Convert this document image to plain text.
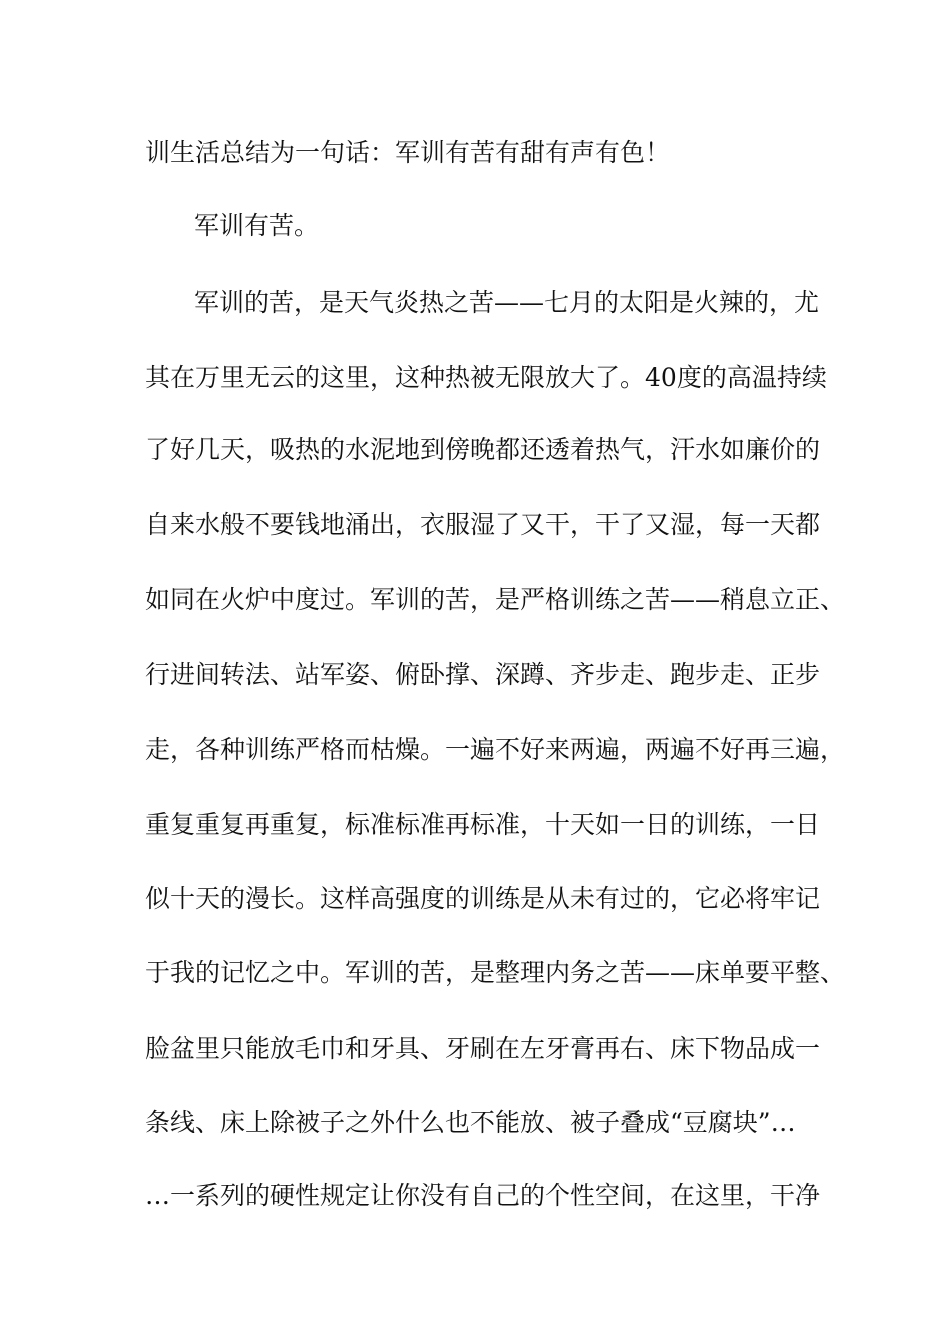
训生活总结为一句话：军训有苦有甜有声有色！
军训有苦。
军训的苦，是天气炎热之苦——七月的太阳是火辣的，尤
其在万里无云的这里，这种热被无限放大了。40度的高温持续
了好几天，吸热的水泥地到傍晚都还透着热气，汗水如廉价的
自来水般不要钱地涌出，衣服湿了又干，干了又湿，每一天都
如同在火炉中度过。军训的苦，是严格训练之苦——稍息立正、
行进间转法、站军姿、俯卧撑、深蹲、齐步走、跑步走、正步
走，各种训练严格而枯燥。一遍不好来两遍，两遍不好再三遍，
重复重复再重复，标准标准再标准，十天如一日的训练，一日
似十天的漫长。这样高强度的训练是从未有过的，它必将牢记
于我的记忆之中。军训的苦，是整理内务之苦——床单要平整、
脸盆里只能放毛巾和牙具、牙刷在左牙膏再右、床下物品成一
条线、床上除被子之外什么也不能放、被子叠成“豆腐块”…
…一系列的硬性规定让你没有自己的个性空间，在这里，干净
